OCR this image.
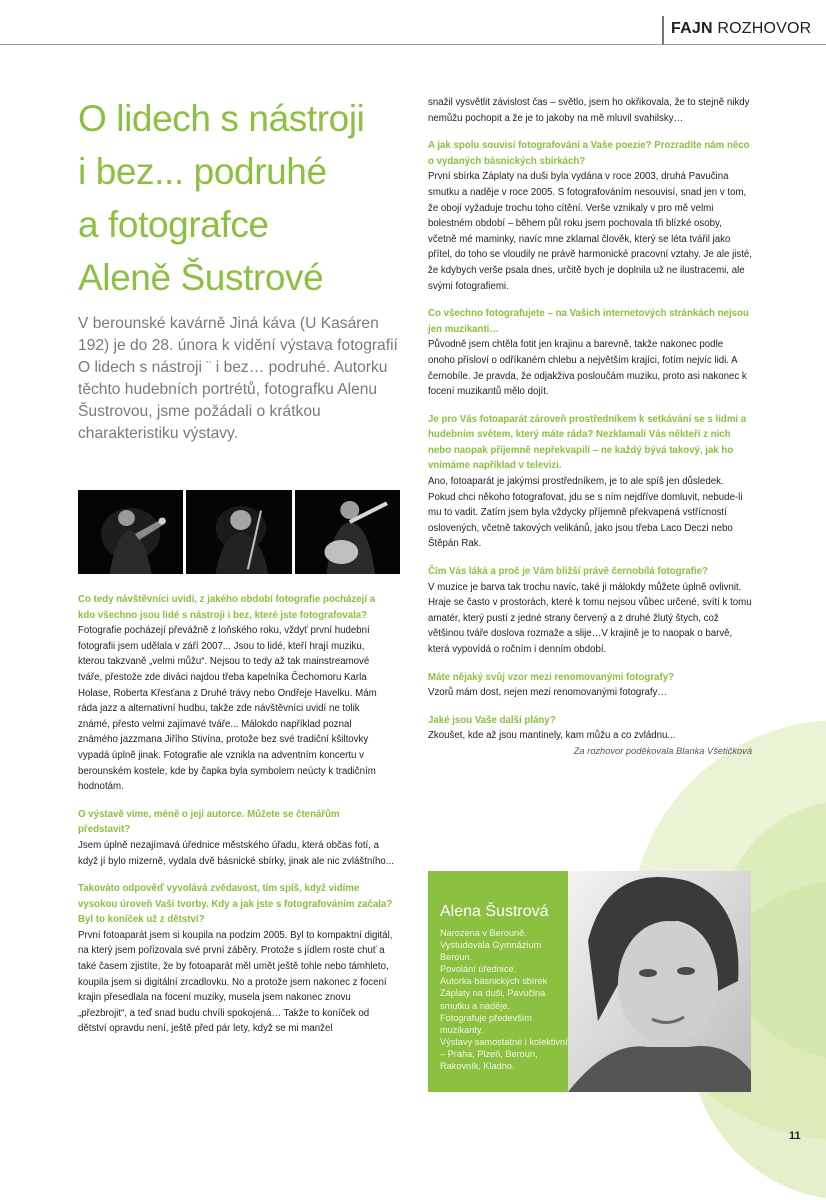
FAJN ROZHOVOR
O lidech s nástroji
i bez... podruhé
a fotografce
Aleně Šustrové
V berounské kavárně Jiná káva (U Kasáren 192) je do 28. února k vidění výstava fotografií O lidech s nástroji ¨ i bez… podruhé. Autorku těchto hudebních portrétů, fotografku Alenu Šustrovou, jsme požádali o krátkou charakteristiku výstavy.

Co tedy návštěvníci uvidí, z jakého období fotografie pocházejí a kdo všechno jsou lidé s nástroji i bez, které jste fotografovala?

Fotografie pocházejí převážně z loňského roku, vždyť první hudební fotografii jsem udělala v září 2007... Jsou to lidé, kteří hrají muziku, kterou takzvaně „velmi můžu“. Nejsou to tedy až tak mainstreamové tváře, přestože zde diváci najdou třeba kapelníka Čechomoru Karla Holase, Roberta Křesťana z Druhé trávy nebo Ondřeje Havelku. Mám ráda jazz a alternativní hudbu, takže zde návštěvníci uvidí ne tolik známé, přesto velmi zajímavé tváře... Málokdo například poznal známého jazzmana Jiřího Stivína, protože bez své tradiční kšiltovky vypadá úplně jinak. Fotografie ale vznikla na adventním koncertu v berounském kostele, kde by čapka byla symbolem neúcty k tradičním hodnotám.

O výstavě víme, méně o její autorce. Můžete se čtenářům představit?

Jsem úplně nezajímavá úřednice městského úřadu, která občas fotí, a když jí bylo mizerně, vydala dvě básnické sbírky, jinak ale nic zvláštního...

Takováto odpověď vyvolává zvědavost, tím spíš, když vidíme vysokou úroveň Vaší tvorby. Kdy a jak jste s fotografováním začala? Byl to koníček už z dětství?

První fotoaparát jsem si koupila na podzim 2005. Byl to kompaktní digitál, na který jsem pořizovala své první záběry. Protože s jídlem roste chuť a také časem zjistíte, že by fotoaparát měl umět ještě tohle nebo támhleto, koupila jsem si digitální zrcadlovku. No a protože jsem nakonec z focení krajin přesedlala na focení muziky, musela jsem nakonec znovu „přezbrojit“, a teď snad budu chvíli spokojená… Takže to koníček od dětství opravdu není, ještě před pár lety, když se mi manžel

snažil vysvětlit závislost čas – světlo, jsem ho okřikovala, že to stejně nikdy nemůžu pochopit a že je to jakoby na mě mluvil svahilsky…

A jak spolu souvisí fotografování a Vaše poezie? Prozradíte nám něco o vydaných básnických sbírkách?

První sbírka Záplaty na duši byla vydána v roce 2003, druhá Pavučina smutku a naděje v roce 2005. S fotografováním nesouvisí, snad jen v tom, že obojí vyžaduje trochu toho cítění. Verše vznikaly v pro mě velmi bolestném období – během půl roku jsem pochovala tři blízké osoby, včetně mé maminky, navíc mne zklamal člověk, který se léta tvářil jako přítel, do toho se vloudily ne právě harmonické pracovní vztahy. Je ale jisté, že kdybych verše psala dnes, určitě bych je doplnila už ne ilustracemi, ale svými fotografiemi.

Co všechno fotografujete – na Vašich internetových stránkách nejsou jen muzikanti…

Původně jsem chtěla fotit jen krajinu a barevně, takže nakonec podle onoho přísloví o odříkaném chlebu a největším krajíci, fotím nejvíc lidi. A černobíle. Je pravda, že odjakživa posloučám muziku, proto asi nakonec k focení muzikantů mělo dojít.

Je pro Vás fotoaparát zároveň prostředníkem k setkávání se s lidmi a hudebním světem, který máte ráda? Nezklamali Vás někteří z nich nebo naopak příjemně nepřekvapili – ne každý bývá takový, jak ho vnímáme například v televizi.

Ano, fotoaparát je jakýmsi prostředníkem, je to ale spíš jen důsledek. Pokud chci někoho fotografovat, jdu se s ním nejdříve domluvit, nebude-li mu to vadit. Zatím jsem byla vždycky příjemně překvapená vstřícností oslovených, včetně takových velikánů, jako jsou třeba Laco Deczi nebo Štěpán Rak.

Čím Vás láká a proč je Vám bližší právě černobílá fotografie?

V muzice je barva tak trochu navíc, také ji málokdy můžete úplně ovlivnit. Hraje se často v prostorách, které k tomu nejsou vůbec určené, svítí k tomu amatér, který pustí z jedné strany červený a z druhé žlutý štych, což většinou tváře doslova rozmaže a slije…V krajině je to naopak o barvě, která vypovídá o ročním i denním období.

Máte nějaký svůj vzor mezi renomovanými fotografy?

Vzorů mám dost, nejen mezi renomovanými fotografy…

Jaké jsou Vaše další plány?

Zkoušet, kde až jsou mantinely, kam můžu a co zvládnu...

Za rozhovor poděkovala Blanka Všetičková

Alena Šustrová
Narozena v Berouně.
Vystudovala Gymnázium Beroun.
Povolání úřednice.
Autorka básnických sbírek Záplaty na duši, Pavučina smutku a naděje.
Fotografuje především muzikanty.
Výstavy samostatné i kolektivní – Praha, Plzeň, Beroun, Rakovník, Kladno.
11
